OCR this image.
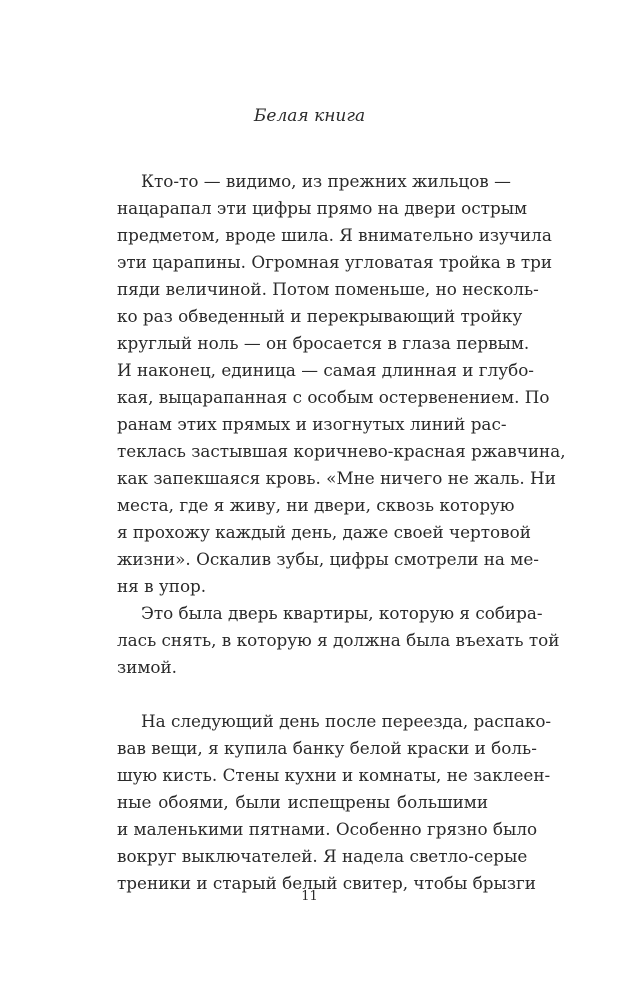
Белая книга
Кто-то — видимо, из прежних жильцов —
нацарапал эти цифры прямо на двери острым
предметом, вроде шила. Я внимательно изучила
эти царапины. Огромная угловатая тройка в три
пяди величиной. Потом поменьше, но несколь-
ко раз обведенный и перекрывающий тройку
круглый ноль — он бросается в глаза первым.
И наконец, единица — самая длинная и глубо-
кая, выцарапанная с особым остервенением. По
ранам этих прямых и изогнутых линий рас-
теклась застывшая коричнево-красная ржавчина,
как запекшаяся кровь. «Мне ничего не жаль. Ни
места, где я живу, ни двери, сквозь которую
я прохожу каждый день, даже своей чертовой
жизни». Оскалив зубы, цифры смотрели на ме-
ня в упор.
Это была дверь квартиры, которую я собира-
лась снять, в которую я должна была въехать той
зимой.
На следующий день после переезда, распако-
вав вещи, я купила банку белой краски и боль-
шую кисть. Стены кухни и комнаты, не заклеен-
ные обоями, были испещрены большими
и маленькими пятнами. Особенно грязно было
вокруг выключателей. Я надела светло-серые
треники и старый белый свитер, чтобы брызги
11
